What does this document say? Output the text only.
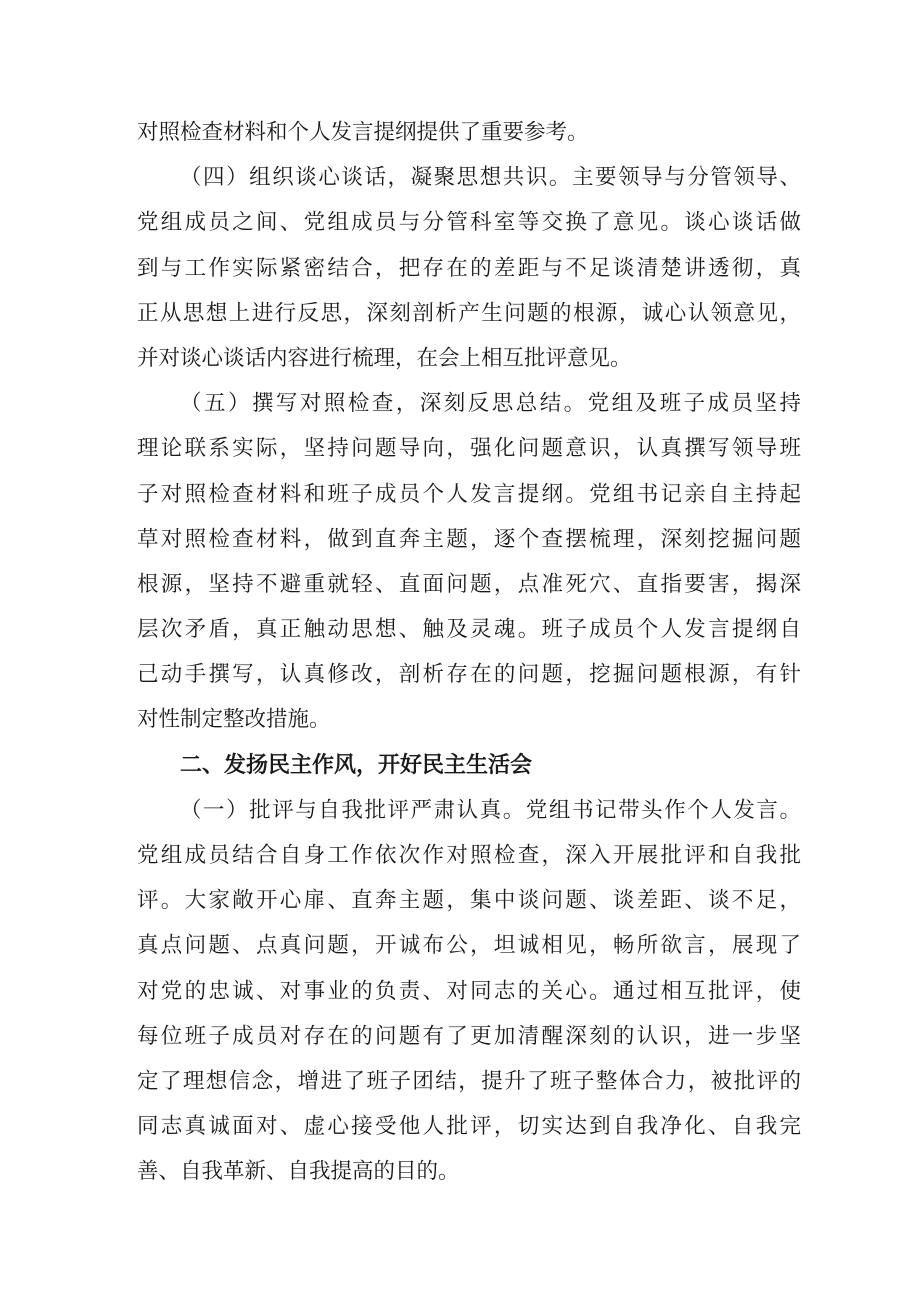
对照检查材料和个人发言提纲提供了重要参考。
（四）组织谈心谈话，凝聚思想共识。主要领导与分管领导、
党组成员之间、党组成员与分管科室等交换了意见。谈心谈话做
到与工作实际紧密结合，把存在的差距与不足谈清楚讲透彻，真
正从思想上进行反思，深刻剖析产生问题的根源，诚心认领意见，
并对谈心谈话内容进行梳理，在会上相互批评意见。
（五）撰写对照检查，深刻反思总结。党组及班子成员坚持
理论联系实际，坚持问题导向，强化问题意识，认真撰写领导班
子对照检查材料和班子成员个人发言提纲。党组书记亲自主持起
草对照检查材料，做到直奔主题，逐个查摆梳理，深刻挖掘问题
根源，坚持不避重就轻、直面问题，点准死穴、直指要害，揭深
层次矛盾，真正触动思想、触及灵魂。班子成员个人发言提纲自
己动手撰写，认真修改，剖析存在的问题，挖掘问题根源，有针
对性制定整改措施。
二、发扬民主作风，开好民主生活会
（一）批评与自我批评严肃认真。党组书记带头作个人发言。
党组成员结合自身工作依次作对照检查，深入开展批评和自我批
评。大家敞开心扉、直奔主题，集中谈问题、谈差距、谈不足，
真点问题、点真问题，开诚布公，坦诚相见，畅所欲言，展现了
对党的忠诚、对事业的负责、对同志的关心。通过相互批评，使
每位班子成员对存在的问题有了更加清醒深刻的认识，进一步坚
定了理想信念，增进了班子团结，提升了班子整体合力，被批评的
同志真诚面对、虚心接受他人批评，切实达到自我净化、自我完
善、自我革新、自我提高的目的。
